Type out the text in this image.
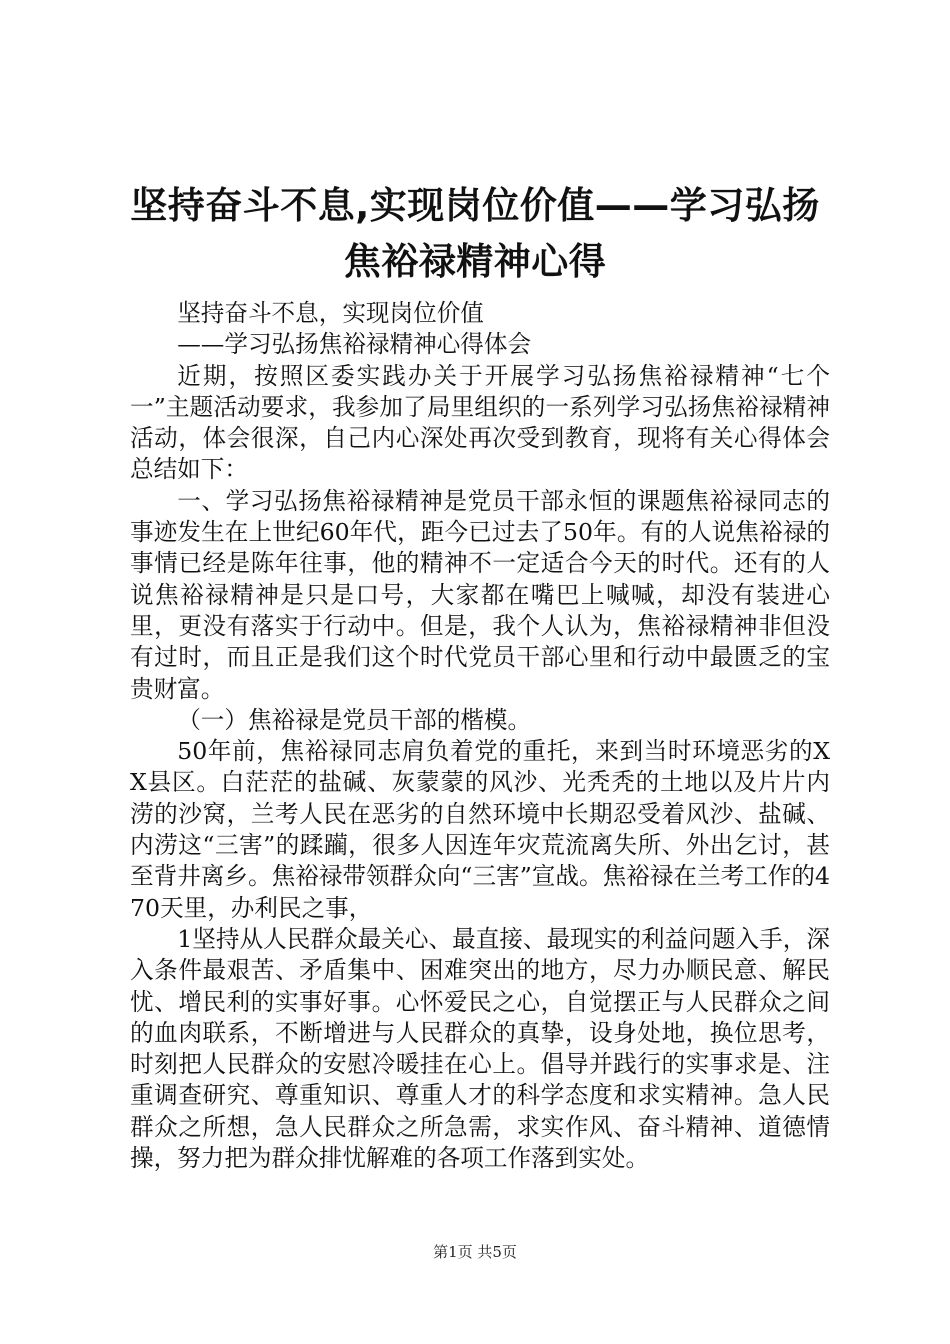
坚持奋斗不息,实现岗位价值——学习弘扬焦裕禄精神心得

坚持奋斗不息，实现岗位价值

——学习弘扬焦裕禄精神心得体会

近期，按照区委实践办关于开展学习弘扬焦裕禄精神“七个一”主题活动要求，我参加了局里组织的一系列学习弘扬焦裕禄精神活动，体会很深，自己内心深处再次受到教育，现将有关心得体会总结如下：

一、学习弘扬焦裕禄精神是党员干部永恒的课题焦裕禄同志的事迹发生在上世纪60年代，距今已过去了50年。有的人说焦裕禄的事情已经是陈年往事，他的精神不一定适合今天的时代。还有的人说焦裕禄精神是只是口号，大家都在嘴巴上喊喊，却没有装进心里，更没有落实于行动中。但是，我个人认为，焦裕禄精神非但没有过时，而且正是我们这个时代党员干部心里和行动中最匮乏的宝贵财富。

（一）焦裕禄是党员干部的楷模。

50年前，焦裕禄同志肩负着党的重托，来到当时环境恶劣的XX县区。白茫茫的盐碱、灰蒙蒙的风沙、光秃秃的土地以及片片内涝的沙窝，兰考人民在恶劣的自然环境中长期忍受着风沙、盐碱、内涝这“三害”的蹂躏，很多人因连年灾荒流离失所、外出乞讨，甚至背井离乡。焦裕禄带领群众向“三害”宣战。焦裕禄在兰考工作的470天里，办利民之事，

1坚持从人民群众最关心、最直接、最现实的利益问题入手，深入条件最艰苦、矛盾集中、困难突出的地方，尽力办顺民意、解民忧、增民利的实事好事。心怀爱民之心，自觉摆正与人民群众之间的血肉联系，不断增进与人民群众的真挚，设身处地，换位思考，时刻把人民群众的安慰冷暖挂在心上。倡导并践行的实事求是、注重调查研究、尊重知识、尊重人才的科学态度和求实精神。急人民群众之所想，急人民群众之所急需，求实作风、奋斗精神、道德情操，努力把为群众排忧解难的各项工作落到实处。

第1页 共5页
